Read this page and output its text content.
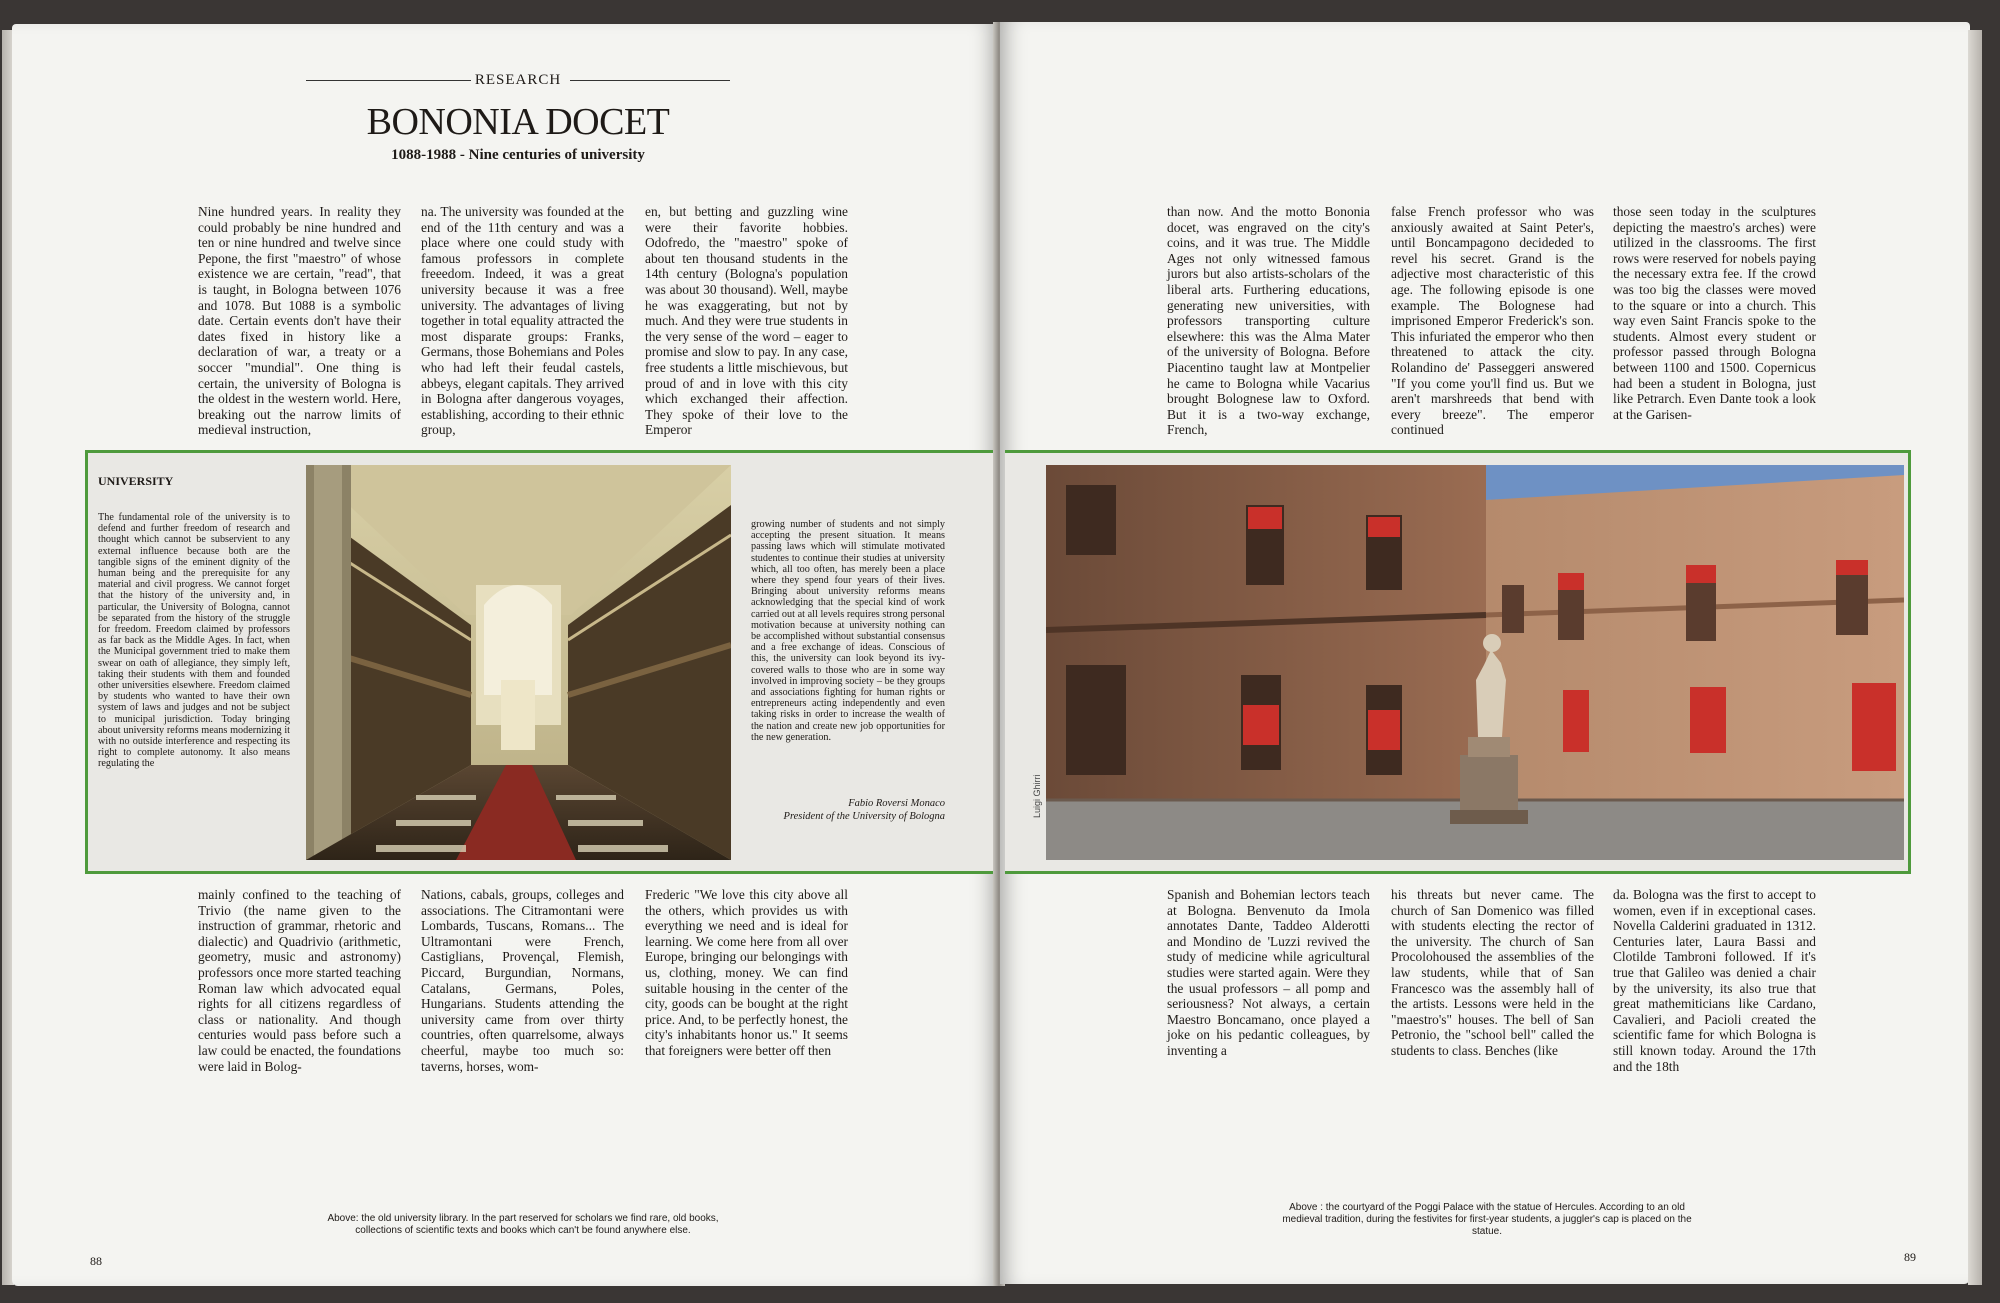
RESEARCH
BONONIA DOCET
1088-1988 - Nine centuries of university
Nine hundred years. In reality they could probably be nine hundred and ten or nine hundred and twelve since Pepone, the first "maestro" of whose existence we are certain, "read", that is taught, in Bologna between 1076 and 1078. But 1088 is a symbolic date. Certain events don't have their dates fixed in history like a declaration of war, a treaty or a soccer "mundial". One thing is certain, the university of Bologna is the oldest in the western world. Here, breaking out the narrow limits of medieval instruction,
na. The university was founded at the end of the 11th century and was a place where one could study with famous professors in complete freeedom. Indeed, it was a great university because it was a free university. The advantages of living together in total equality attracted the most disparate groups: Franks, Germans, those Bohemians and Poles who had left their feudal castels, abbeys, elegant capitals. They arrived in Bologna after dangerous voyages, establishing, according to their ethnic group,
en, but betting and guzzling wine were their favorite hobbies. Odofredo, the "maestro" spoke of about ten thousand students in the 14th century (Bologna's population was about 30 thousand). Well, maybe he was exaggerating, but not by much. And they were true students in the very sense of the word – eager to promise and slow to pay. In any case, free students a little mischievous, but proud of and in love with this city which exchanged their affection. They spoke of their love to the Emperor
UNIVERSITY
The fundamental role of the university is to defend and further freedom of research and thought which cannot be subservient to any external influence because both are the tangible signs of the eminent dignity of the human being and the prerequisite for any material and civil progress. We cannot forget that the history of the university and, in particular, the University of Bologna, cannot be separated from the history of the struggle for freedom. Freedom claimed by professors as far back as the Middle Ages. In fact, when the Municipal government tried to make them swear on oath of allegiance, they simply left, taking their students with them and founded other universities elsewhere. Freedom claimed by students who wanted to have their own system of laws and judges and not be subject to municipal jurisdiction. Today bringing about university reforms means modernizing it with no outside interference and respecting its right to complete autonomy. It also means regulating the
growing number of students and not simply accepting the present situation. It means passing laws which will stimulate motivated studentes to continue their studies at university which, all too often, has merely been a place where they spend four years of their lives. Bringing about university reforms means acknowledging that the special kind of work carried out at all levels requires strong personal motivation because at university nothing can be accomplished without substantial consensus and a free exchange of ideas. Conscious of this, the university can look beyond its ivy-covered walls to those who are in some way involved in improving society – be they groups and associations fighting for human rights or entrepreneurs acting independently and even taking risks in order to increase the wealth of the nation and create new job opportunities for the new generation.
Fabio Roversi Monaco
President of the University of Bologna
Above: the old university library. In the part reserved for scholars we find rare, old books, collections of scientific texts and books which can't be found anywhere else.
mainly confined to the teaching of Trivio (the name given to the instruction of grammar, rhetoric and dialectic) and Quadrivio (arithmetic, geometry, music and astronomy) professors once more started teaching Roman law which advocated equal rights for all citizens regardless of class or nationality. And though centuries would pass before such a law could be enacted, the foundations were laid in Bolog-
Nations, cabals, groups, colleges and associations. The Citramontani were Lombards, Tuscans, Romans... The Ultramontani were French, Castiglians, Provençal, Flemish, Piccard, Burgundian, Normans, Catalans, Germans, Poles, Hungarians. Students attending the university came from over thirty countries, often quarrelsome, always cheerful, maybe too much so: taverns, horses, wom-
Frederic "We love this city above all the others, which provides us with everything we need and is ideal for learning. We come here from all over Europe, bringing our belongings with us, clothing, money. We can find suitable housing in the center of the city, goods can be bought at the right price. And, to be perfectly honest, the city's inhabitants honor us." It seems that foreigners were better off then
88
than now. And the motto Bononia docet, was engraved on the city's coins, and it was true. The Middle Ages not only witnessed famous jurors but also artists-scholars of the liberal arts. Furthering educations, generating new universities, with professors transporting culture elsewhere: this was the Alma Mater of the university of Bologna. Before Piacentino taught law at Montpelier he came to Bologna while Vacarius brought Bolognese law to Oxford. But it is a two-way exchange, French,
false French professor who was anxiously awaited at Saint Peter's, until Boncampagono decideded to revel his secret. Grand is the adjective most characteristic of this age. The following episode is one example. The Bolognese had imprisoned Emperor Frederick's son. This infuriated the emperor who then threatened to attack the city. Rolandino de' Passeggeri answered "If you come you'll find us. But we aren't marshreeds that bend with every breeze". The emperor continued
those seen today in the sculptures depicting the maestro's arches) were utilized in the classrooms. The first rows were reserved for nobels paying the necessary extra fee. If the crowd was too big the classes were moved to the square or into a church. This way even Saint Francis spoke to the students. Almost every student or professor passed through Bologna between 1100 and 1500. Copernicus had been a student in Bologna, just like Petrarch. Even Dante took a look at the Garisen-
Luigi Ghirri
Spanish and Bohemian lectors teach at Bologna. Benvenuto da Imola annotates Dante, Taddeo Alderotti and Mondino de 'Luzzi revived the study of medicine while agricultural studies were started again. Were they the usual professors – all pomp and seriousness? Not always, a certain Maestro Boncamano, once played a joke on his pedantic colleagues, by inventing a
his threats but never came. The church of San Domenico was filled with students electing the rector of the university. The church of San Procolohoused the assemblies of the law students, while that of San Francesco was the assembly hall of the artists. Lessons were held in the "maestro's" houses. The bell of San Petronio, the "school bell" called the students to class. Benches (like
da. Bologna was the first to accept to women, even if in exceptional cases. Novella Calderini graduated in 1312. Centuries later, Laura Bassi and Clotilde Tambroni followed. If it's true that Galileo was denied a chair by the university, its also true that great mathemiticians like Cardano, Cavalieri, and Pacioli created the scientific fame for which Bologna is still known today. Around the 17th and the 18th
Above : the courtyard of the Poggi Palace with the statue of Hercules. According to an old medieval tradition, during the festivites for first-year students, a juggler's cap is placed on the statue.
89
